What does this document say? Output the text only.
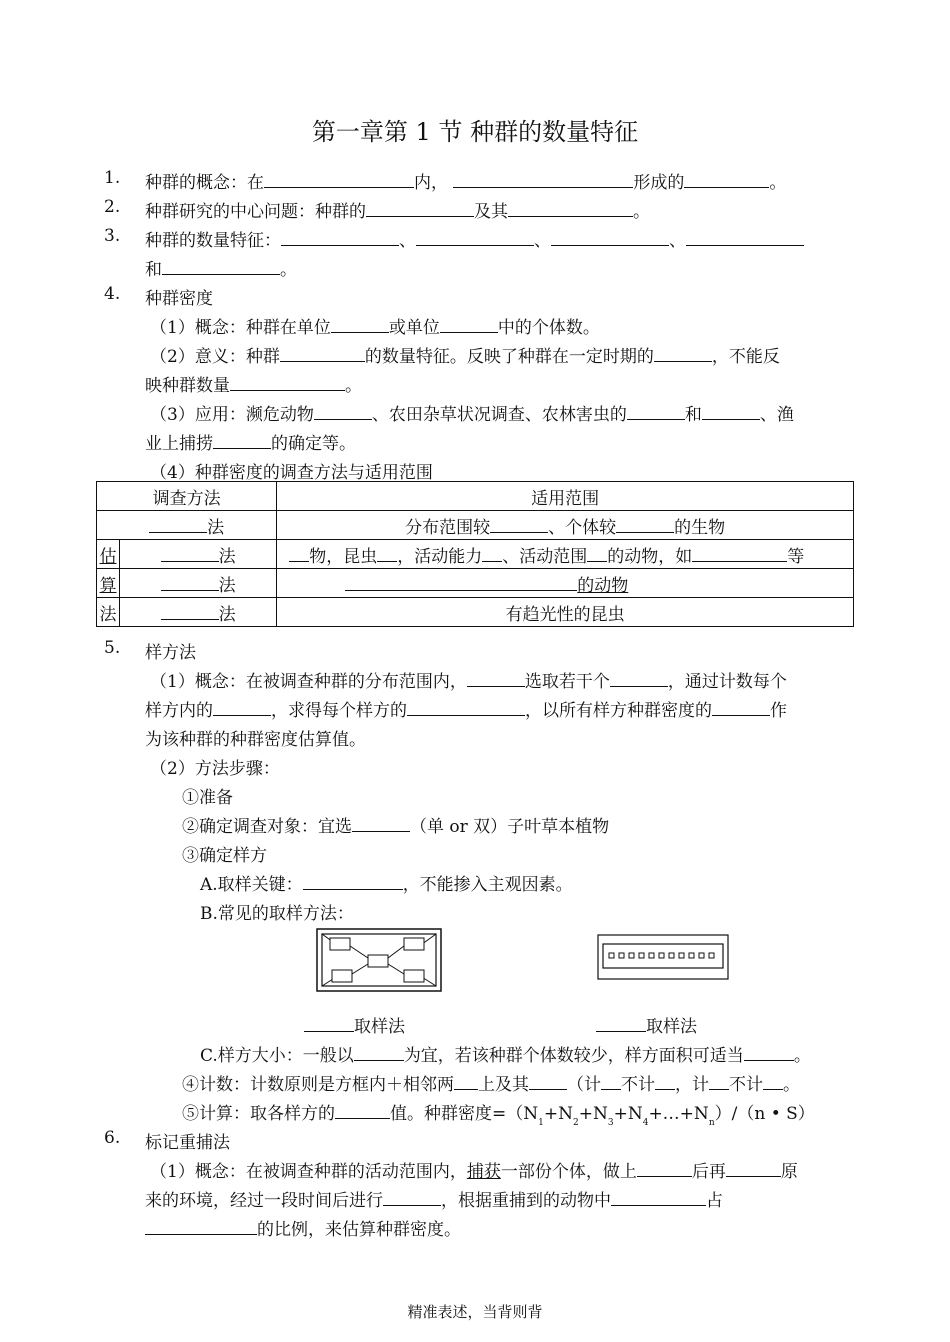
第一章第 1 节 种群的数量特征
1. 种群的概念：在	内，	形成的	。
2. 种群研究的中心问题：种群的	及其	。
3. 种群的数量特征：	、	、	、
和	。
4. 种群密度
（1）概念：种群在单位	或单位	中的个体数。
（2）意义：种群	的数量特征。反映了种群在一定时期的	，不能反
映种群数量	。
（3）应用：濒危动物	、农田杂草状况调查、农林害虫的	和	、渔
业上捕捞	的确定等。
（4）种群密度的调查方法与适用范围
调查方法		适用范围
法		分布范围较 、个体较 的生物
估	法	物，昆虫 ，活动能力 、活动范围 的动物，如 等
算	法	的动物
法	法	有趋光性的昆虫
5. 样方法
（1）概念：在被调查种群的分布范围内，	选取若干个	，通过计数每个
样方内的	，求得每个样方的	，以所有样方种群密度的	作
为该种群的种群密度估算值。
（2）方法步骤：
①准备
②确定调查对象：宜选	（单 or 双）子叶草本植物
③确定样方
A.取样关键：	，不能掺入主观因素。
B.常见的取样方法：
取样法	取样法
C.样方大小：一般以	为宜，若该种群个体数较少，样方面积可适当	。
④计数：计数原则是方框内＋相邻两 上及其 （计 不计 ，计 不计 。
⑤计算：取各样方的	值。种群密度$=(N_1+N_2+N_3+N_4+\dots+N_n)/(n$ • S）
6. 标记重捕法
（1）概念：在被调查种群的活动范围内，捕获一部份个体，做上	后再	原
来的环境，经过一段时间后进行	，根据重捕到的动物中	占
的比例，来估算种群密度。
精准表述，当背则背
